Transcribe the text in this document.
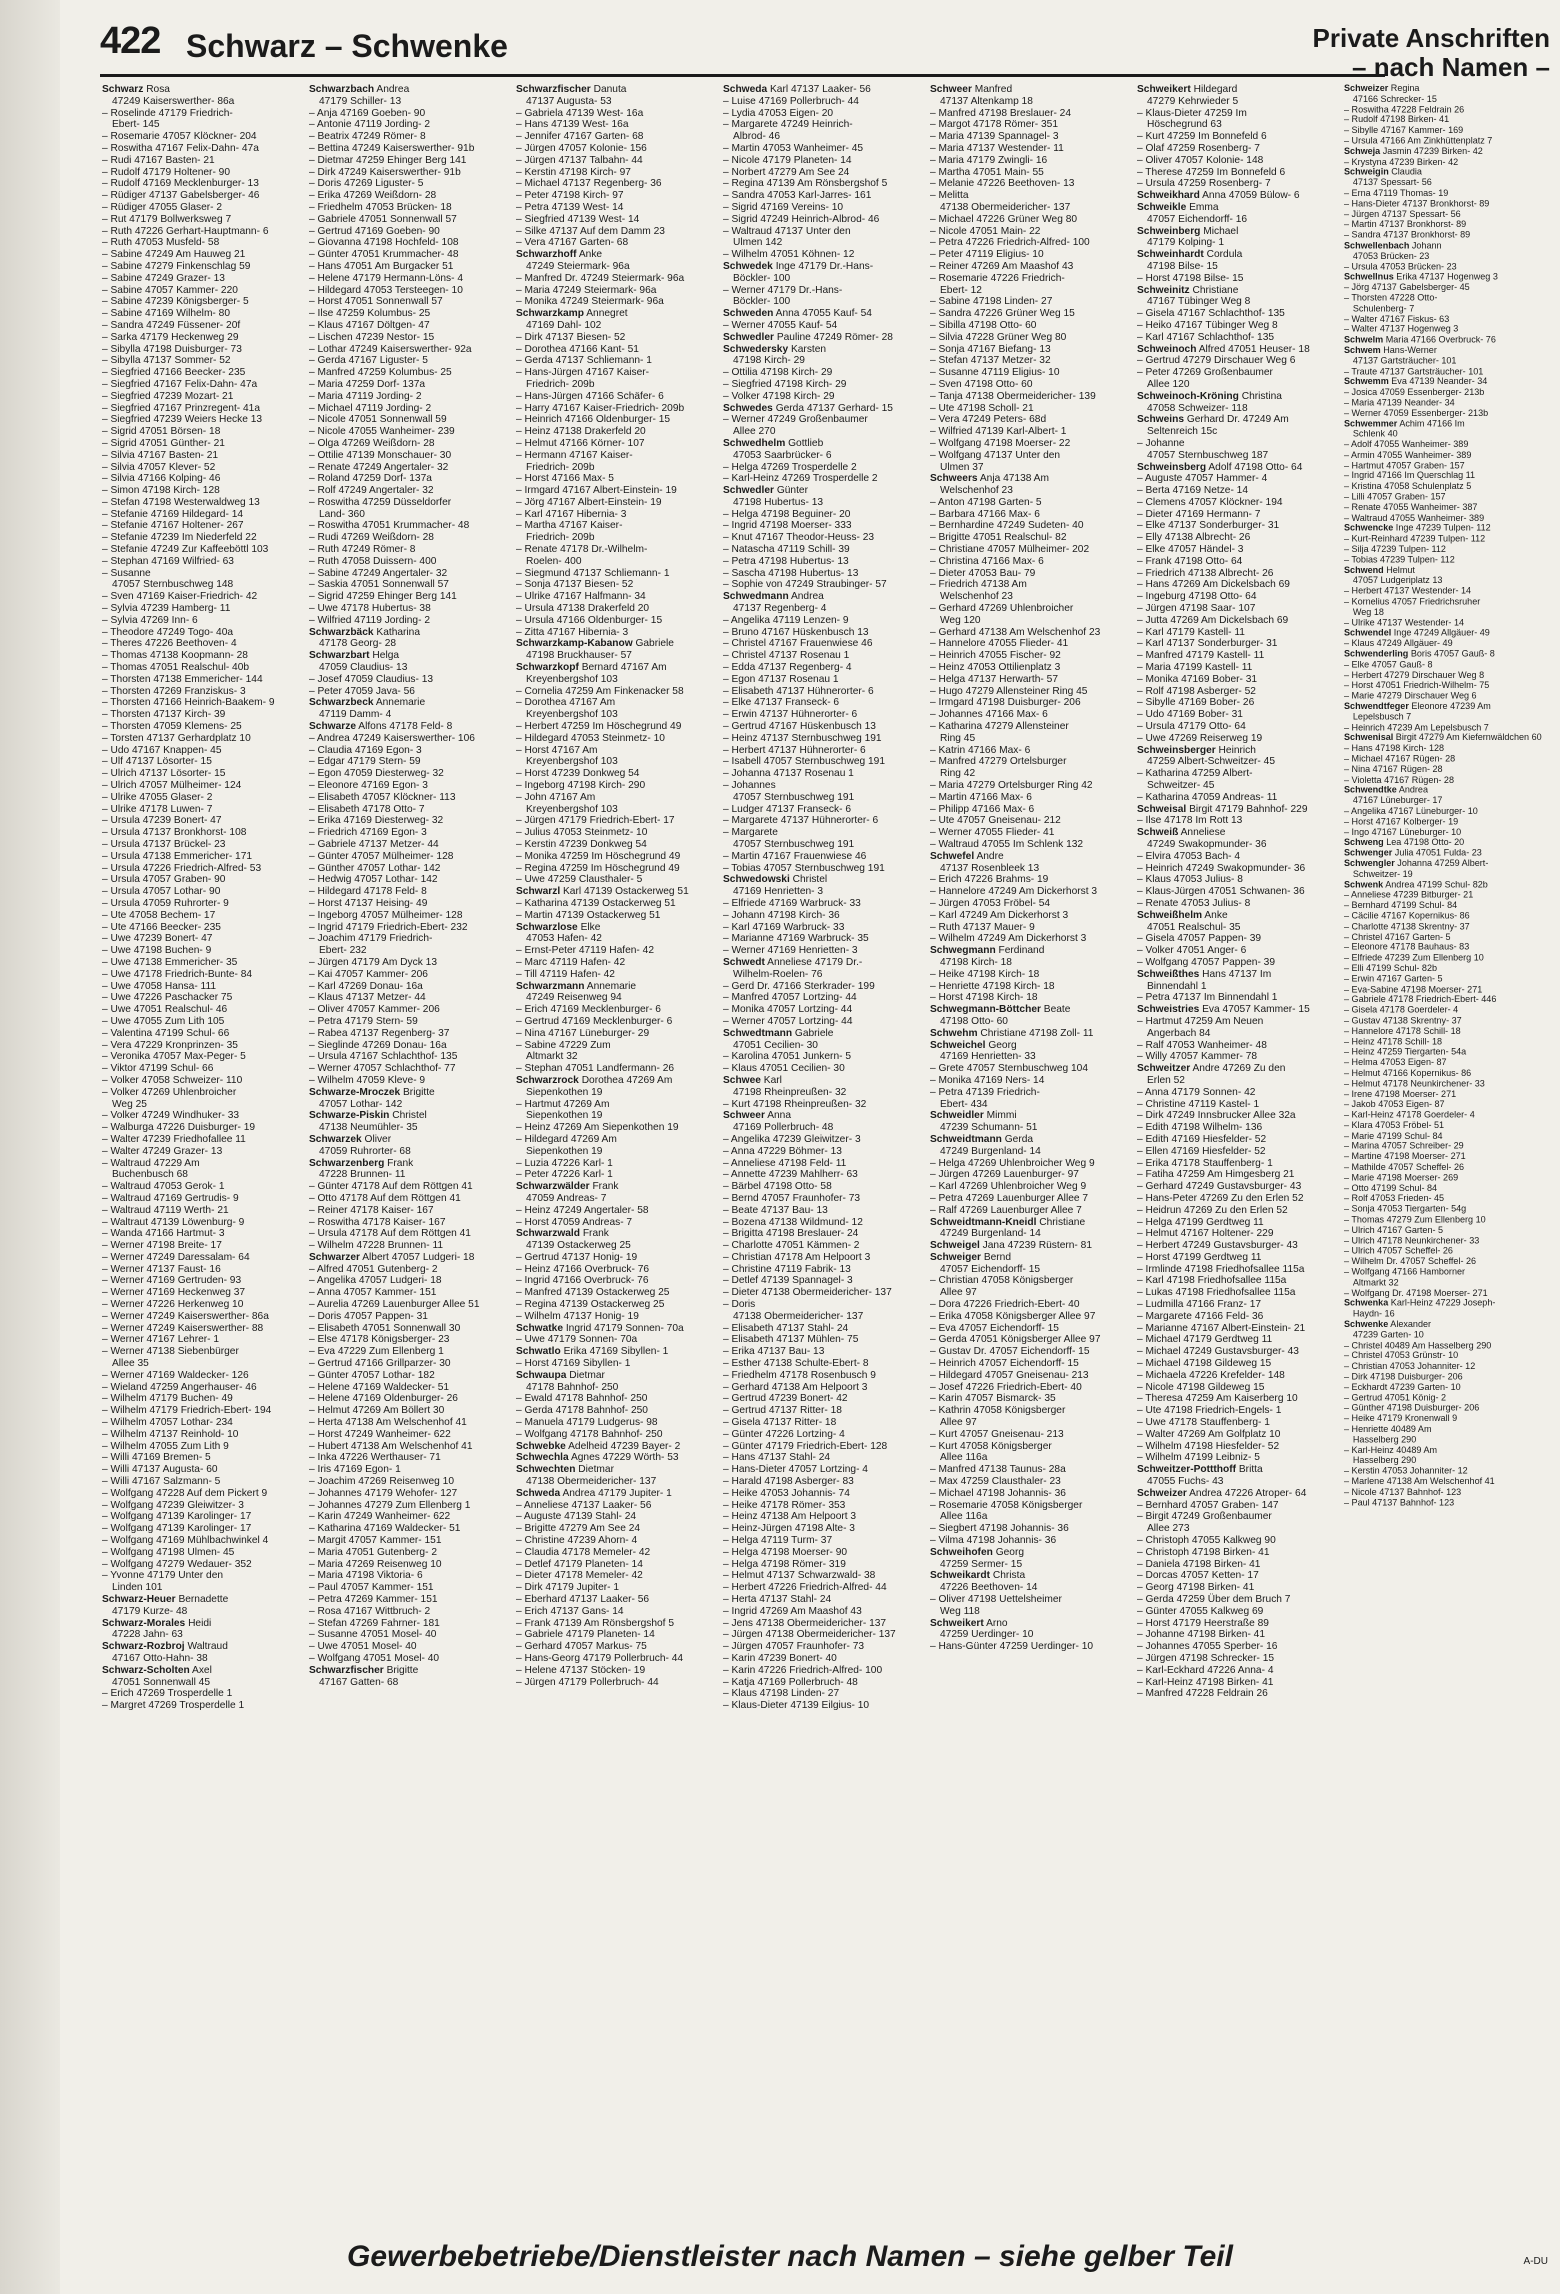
422 Schwarz – Schwenke	Private Anschriften
– nach Namen –
Schwarz Rosa
47249 Kaiserswerther- 86a
– Roselinde 47179 Friedrich-
Ebert- 145
– Rosemarie 47057 Klöckner- 204
– Roswitha 47167 Felix-Dahn- 47a
– Rudi 47167 Basten- 21
– Rudolf 47179 Holtener- 90
– Rudolf 47169 Mecklenburger- 13
– Rüdiger 47137 Gabelsberger- 46
– Rüdiger 47055 Glaser- 2
– Rut 47179 Bollwerksweg 7
– Ruth 47226 Gerhart-Hauptmann- 6
– Ruth 47053 Musfeld- 58
– Sabine 47249 Am Hauweg 21
– Sabine 47279 Finkenschlag 59
– Sabine 47249 Grazer- 13
– Sabine 47057 Kammer- 220
– Sabine 47239 Königsberger- 5
– Sabine 47169 Wilhelm- 80
– Sandra 47249 Füssener- 20f
– Sarka 47179 Heckenweg 29
– Sibylla 47198 Duisburger- 73
– Sibylla 47137 Sommer- 52
– Siegfried 47166 Beecker- 235
– Siegfried 47167 Felix-Dahn- 47a
– Siegfried 47239 Mozart- 21
– Siegfried 47167 Prinzregent- 41a
– Siegfried 47239 Weiers Hecke 13
– Sigrid 47051 Börsen- 18
– Sigrid 47051 Günther- 21
– Silvia 47167 Basten- 21
– Silvia 47057 Klever- 52
– Silvia 47166 Kolping- 46
– Simon 47198 Kirch- 128
– Stefan 47198 Westerwaldweg 13
– Stefanie 47169 Hildegard- 14
– Stefanie 47167 Holtener- 267
– Stefanie 47239 Im Niederfeld 22
– Stefanie 47249 Zur Kaffeeböttl 103
– Stephan 47169 Wilfried- 63
– Susanne
47057 Sternbuschweg 148
– Sven 47169 Kaiser-Friedrich- 42
– Sylvia 47239 Hamberg- 11
– Sylvia 47269 Inn- 6
– Theodore 47249 Togo- 40a
– Theres 47226 Beethoven- 4
– Thomas 47138 Koopmann- 28
– Thomas 47051 Realschul- 40b
– Thorsten 47138 Emmericher- 144
– Thorsten 47269 Franziskus- 3
– Thorsten 47166 Heinrich-Baakem- 9
– Thorsten 47137 Kirch- 39
– Thorsten 47059 Klemens- 25
– Torsten 47137 Gerhardplatz 10
– Udo 47167 Knappen- 45
– Ulf 47137 Lösorter- 15
– Ulrich 47137 Lösorter- 15
– Ulrich 47057 Mülheimer- 124
– Ulrike 47055 Glaser- 2
– Ulrike 47178 Luwen- 7
– Ursula 47239 Bonert- 47
– Ursula 47137 Bronkhorst- 108
– Ursula 47137 Brückel- 23
– Ursula 47138 Emmericher- 171
– Ursula 47226 Friedrich-Alfred- 53
– Ursula 47057 Graben- 90
– Ursula 47057 Lothar- 90
– Ursula 47059 Ruhrorter- 9
– Ute 47058 Bechem- 17
– Ute 47166 Beecker- 235
– Uwe 47239 Bonert- 47
– Uwe 47198 Buchen- 9
– Uwe 47138 Emmericher- 35
– Uwe 47178 Friedrich-Bunte- 84
– Uwe 47058 Hansa- 111
– Uwe 47226 Paschacker 75
– Uwe 47051 Realschul- 46
– Uwe 47055 Zum Lith 105
– Valentina 47199 Schul- 66
– Vera 47229 Kronprinzen- 35
– Veronika 47057 Max-Peger- 5
– Viktor 47199 Schul- 66
– Volker 47058 Schweizer- 110
– Volker 47269 Uhlenbroicher
Weg 25
– Volker 47249 Windhuker- 33
– Walburga 47226 Duisburger- 19
– Walter 47239 Friedhofallee 11
– Walter 47249 Grazer- 13
– Waltraud 47229 Am
Buchenbusch 68
– Waltraud 47053 Gerok- 1
– Waltraud 47169 Gertrudis- 9
– Waltraud 47119 Werth- 21
– Waltraut 47139 Löwenburg- 9
– Wanda 47166 Hartmut- 3
– Werner 47198 Breite- 17
– Werner 47249 Daressalam- 64
– Werner 47137 Faust- 16
– Werner 47169 Gertruden- 93
– Werner 47169 Heckenweg 37
– Werner 47226 Herkenweg 10
– Werner 47249 Kaiserswerther- 86a
– Werner 47249 Kaiserswerther- 88
– Werner 47167 Lehrer- 1
– Werner 47138 Siebenbürger
Allee 35
– Werner 47169 Waldecker- 126
– Wieland 47259 Angerhauser- 46
– Wilhelm 47179 Buchen- 49
– Wilhelm 47179 Friedrich-Ebert- 194
– Wilhelm 47057 Lothar- 234
– Wilhelm 47137 Reinhold- 10
– Wilhelm 47055 Zum Lith 9
– Willi 47169 Bremen- 5
– Willi 47137 Augusta- 60
– Willi 47167 Salzmann- 5
– Wolfgang 47228 Auf dem Pickert 9
– Wolfgang 47239 Gleiwitzer- 3
– Wolfgang 47139 Karolinger- 17
– Wolfgang 47139 Karolinger- 17
– Wolfgang 47169 Mühlbachwinkel 4
– Wolfgang 47198 Ulmen- 45
– Wolfgang 47279 Wedauer- 352
– Yvonne 47179 Unter den
Linden 101
Schwarz-Heuer Bernadette
47179 Kurze- 48
Schwarz-Morales Heidi
47228 Jahn- 63
Schwarz-Rozbroj Waltraud
47167 Otto-Hahn- 38
Schwarz-Scholten Axel
47051 Sonnenwall 45
– Erich 47269 Trosperdelle 1
– Margret 47269 Trosperdelle 1
Schwarzbach Andrea
47179 Schiller- 13
– Anja 47169 Goeben- 90
– Antonie 47119 Jording- 2
– Beatrix 47249 Römer- 8
– Bettina 47249 Kaiserswerther- 91b
– Dietmar 47259 Ehinger Berg 141
– Dirk 47249 Kaiserswerther- 91b
– Doris 47269 Liguster- 5
– Erika 47269 Weißdorn- 28
– Friedhelm 47053 Brücken- 18
– Gabriele 47051 Sonnenwall 57
– Gertrud 47169 Goeben- 90
– Giovanna 47198 Hochfeld- 108
– Günter 47051 Krummacher- 48
– Hans 47051 Am Burgacker 51
– Helene 47179 Hermann-Löns- 4
– Hildegard 47053 Tersteegen- 10
– Horst 47051 Sonnenwall 57
– Ilse 47259 Kolumbus- 25
– Klaus 47167 Döltgen- 47
– Lischen 47239 Nestor- 15
– Lothar 47249 Kaiserswerther- 92a
– Gerda 47167 Liguster- 5
– Manfred 47259 Kolumbus- 25
– Maria 47259 Dorf- 137a
– Maria 47119 Jording- 2
– Michael 47119 Jording- 2
– Nicole 47051 Sonnenwall 59
– Nicole 47055 Wanheimer- 239
– Olga 47269 Weißdorn- 28
– Ottilie 47139 Monschauer- 30
– Renate 47249 Angertaler- 32
– Roland 47259 Dorf- 137a
– Rolf 47249 Angertaler- 32
– Roswitha 47259 Düsseldorfer
Land- 360
– Roswitha 47051 Krummacher- 48
– Rudi 47269 Weißdorn- 28
– Ruth 47249 Römer- 8
– Ruth 47058 Duissern- 400
– Sabine 47249 Angertaler- 32
– Saskia 47051 Sonnenwall 57
– Sigrid 47259 Ehinger Berg 141
– Uwe 47178 Hubertus- 38
– Wilfried 47119 Jording- 2
Schwarzbäck Katharina
47178 Georg- 28
Schwarzbart Helga
47059 Claudius- 13
– Josef 47059 Claudius- 13
– Peter 47059 Java- 56
Schwarzbeck Annemarie
47119 Damm- 4
Schwarze Alfons 47178 Feld- 8
– Andrea 47249 Kaiserswerther- 106
– Claudia 47169 Egon- 3
– Edgar 47179 Stern- 59
– Egon 47059 Diesterweg- 32
– Eleonore 47169 Egon- 3
– Elisabeth 47057 Klöckner- 113
– Elisabeth 47178 Otto- 7
– Erika 47169 Diesterweg- 32
– Friedrich 47169 Egon- 3
– Gabriele 47137 Metzer- 44
– Günter 47057 Mülheimer- 128
– Günther 47057 Lothar- 142
– Hedwig 47057 Lothar- 142
– Hildegard 47178 Feld- 8
– Horst 47137 Heising- 49
– Ingeborg 47057 Mülheimer- 128
– Ingrid 47179 Friedrich-Ebert- 232
– Joachim 47179 Friedrich-
Ebert- 232
– Jürgen 47179 Am Dyck 13
– Kai 47057 Kammer- 206
– Karl 47269 Donau- 16a
– Klaus 47137 Metzer- 44
– Oliver 47057 Kammer- 206
– Petra 47179 Stern- 59
– Rabea 47137 Regenberg- 37
– Sieglinde 47269 Donau- 16a
– Ursula 47167 Schlachthof- 135
– Werner 47057 Schlachthof- 77
– Wilhelm 47059 Kleve- 9
Schwarze-Mroczek Brigitte
47057 Lothar- 142
Schwarze-Piskin Christel
47138 Neumühler- 35
Schwarzek Oliver
47059 Ruhrorter- 68
Schwarzenberg Frank
47228 Brunnen- 11
– Günter 47178 Auf dem Röttgen 41
– Otto 47178 Auf dem Röttgen 41
– Reiner 47178 Kaiser- 167
– Roswitha 47178 Kaiser- 167
– Ursula 47178 Auf dem Röttgen 41
– Wilhelm 47228 Brunnen- 11
Schwarzer Albert 47057 Ludgeri- 18
– Alfred 47051 Gutenberg- 2
– Angelika 47057 Ludgeri- 18
– Anna 47057 Kammer- 151
– Aurelia 47269 Lauenburger Allee 51
– Doris 47057 Pappen- 31
– Elisabeth 47051 Sonnenwall 30
– Else 47178 Königsberger- 23
– Eva 47229 Zum Ellenberg 1
– Gertrud 47166 Grillparzer- 30
– Günter 47057 Lothar- 182
– Helene 47169 Waldecker- 51
– Helene 47169 Oldenburger- 26
– Helmut 47269 Am Böllert 30
– Herta 47138 Am Welschenhof 41
– Horst 47249 Wanheimer- 622
– Hubert 47138 Am Welschenhof 41
– Inka 47226 Werthauser- 71
– Iris 47169 Egon- 1
– Joachim 47269 Reisenweg 10
– Johannes 47179 Wehofer- 127
– Johannes 47279 Zum Ellenberg 1
– Karin 47249 Wanheimer- 622
– Katharina 47169 Waldecker- 51
– Margit 47057 Kammer- 151
– Maria 47051 Gutenberg- 2
– Maria 47269 Reisenweg 10
– Maria 47198 Viktoria- 6
– Paul 47057 Kammer- 151
– Petra 47269 Kammer- 151
– Rosa 47167 Wittbruch- 2
– Stefan 47269 Fahrner- 181
– Susanne 47051 Mosel- 40
– Uwe 47051 Mosel- 40
– Wolfgang 47051 Mosel- 40
Schwarzfischer Brigitte
47167 Gatten- 68
Schwarzfischer Danuta
47137 Augusta- 53
– Gabriela 47139 West- 16a
– Hans 47139 West- 16a
– Jennifer 47167 Garten- 68
– Jürgen 47057 Kolonie- 156
– Jürgen 47137 Talbahn- 44
– Kerstin 47198 Kirch- 97
– Michael 47137 Regenberg- 36
– Peter 47198 Kirch- 97
– Petra 47139 West- 14
– Siegfried 47139 West- 14
– Silke 47137 Auf dem Damm 23
– Vera 47167 Garten- 68
Schwarzhoff Anke
47249 Steiermark- 96a
– Manfred Dr. 47249 Steiermark- 96a
– Maria 47249 Steiermark- 96a
– Monika 47249 Steiermark- 96a
Schwarzkamp Annegret
47169 Dahl- 102
– Dirk 47137 Biesen- 52
– Dorothea 47166 Kant- 51
– Gerda 47137 Schliemann- 1
– Hans-Jürgen 47167 Kaiser-
Friedrich- 209b
– Hans-Jürgen 47166 Schäfer- 6
– Harry 47167 Kaiser-Friedrich- 209b
– Heinrich 47166 Oldenburger- 15
– Heinz 47138 Drakerfeld 20
– Helmut 47166 Körner- 107
– Hermann 47167 Kaiser-
Friedrich- 209b
– Horst 47166 Max- 5
– Irmgard 47167 Albert-Einstein- 19
– Jörg 47167 Albert-Einstein- 19
– Karl 47167 Hibernia- 3
– Martha 47167 Kaiser-
Friedrich- 209b
– Renate 47178 Dr.-Wilhelm-
Roelen- 400
– Siegmund 47137 Schliemann- 1
– Sonja 47137 Biesen- 52
– Ulrike 47167 Halfmann- 34
– Ursula 47138 Drakerfeld 20
– Ursula 47166 Oldenburger- 15
– Zitta 47167 Hibernia- 3
Schwarzkamp-Kabanow Gabriele
47198 Bruckhauser- 57
Schwarzkopf Bernard 47167 Am
Kreyenbergshof 103
– Cornelia 47259 Am Finkenacker 58
– Dorothea 47167 Am
Kreyenbergshof 103
– Herbert 47259 Im Höschegrund 49
– Hildegard 47053 Steinmetz- 10
– Horst 47167 Am
Kreyenbergshof 103
– Horst 47239 Donkweg 54
– Ingeborg 47198 Kirch- 290
– John 47167 Am
Kreyenbergshof 103
– Jürgen 47179 Friedrich-Ebert- 17
– Julius 47053 Steinmetz- 10
– Kerstin 47239 Donkweg 54
– Monika 47259 Im Höschegrund 49
– Regina 47259 Im Höschegrund 49
– Uwe 47259 Clausthaler- 5
Schwarzl Karl 47139 Ostackerweg 51
– Katharina 47139 Ostackerweg 51
– Martin 47139 Ostackerweg 51
Schwarzlose Elke
47053 Hafen- 42
– Ernst-Peter 47119 Hafen- 42
– Marc 47119 Hafen- 42
– Till 47119 Hafen- 42
Schwarzmann Annemarie
47249 Reisenweg 94
– Erich 47169 Mecklenburger- 6
– Gertrud 47169 Mecklenburger- 6
– Nina 47167 Lüneburger- 29
– Sabine 47229 Zum
Altmarkt 32
– Stephan 47051 Landfermann- 26
Schwarzrock Dorothea 47269 Am
Siepenkothen 19
– Hartmut 47269 Am
Siepenkothen 19
– Heinz 47269 Am Siepenkothen 19
– Hildegard 47269 Am
Siepenkothen 19
– Luzia 47226 Karl- 1
– Peter 47226 Karl- 1
Schwarzwälder Frank
47059 Andreas- 7
– Heinz 47249 Angertaler- 58
– Horst 47059 Andreas- 7
Schwarzwald Frank
47139 Ostackerweg 25
– Gertrud 47137 Honig- 19
– Heinz 47166 Overbruck- 76
– Ingrid 47166 Overbruck- 76
– Manfred 47139 Ostackerweg 25
– Regina 47139 Ostackerweg 25
– Wilhelm 47137 Honig- 19
Schwatke Ingrid 47179 Sonnen- 70a
– Uwe 47179 Sonnen- 70a
Schwatlo Erika 47169 Sibyllen- 1
– Horst 47169 Sibyllen- 1
Schwaupa Dietmar
47178 Bahnhof- 250
– Ewald 47178 Bahnhof- 250
– Gerda 47178 Bahnhof- 250
– Manuela 47179 Ludgerus- 98
– Wolfgang 47178 Bahnhof- 250
Schwebke Adelheid 47239 Bayer- 2
Schwechla Agnes 47229 Wörth- 53
Schwechten Dietmar
47138 Obermeidericher- 137
Schweda Andrea 47179 Jupiter- 1
– Anneliese 47137 Laaker- 56
– Auguste 47139 Stahl- 24
– Brigitte 47279 Am See 24
– Christine 47239 Ahorn- 4
– Claudia 47178 Memeler- 42
– Detlef 47179 Planeten- 14
– Dieter 47178 Memeler- 42
– Dirk 47179 Jupiter- 1
– Eberhard 47137 Laaker- 56
– Erich 47137 Gans- 14
– Frank 47139 Am Rönsbergshof 5
– Gabriele 47179 Planeten- 14
– Gerhard 47057 Markus- 75
– Hans-Georg 47179 Pollerbruch- 44
– Helene 47137 Stöcken- 19
– Jürgen 47179 Pollerbruch- 44
Schweda Karl 47137 Laaker- 56
– Luise 47169 Pollerbruch- 44
– Lydia 47053 Eigen- 20
– Margarete 47249 Heinrich-
Albrod- 46
– Martin 47053 Wanheimer- 45
– Nicole 47179 Planeten- 14
– Norbert 47279 Am See 24
– Regina 47139 Am Rönsbergshof 5
– Sandra 47053 Karl-Jarres- 161
– Sigrid 47169 Vereins- 10
– Sigrid 47249 Heinrich-Albrod- 46
– Waltraud 47137 Unter den
Ulmen 142
– Wilhelm 47051 Köhnen- 12
Schwedek Inge 47179 Dr.-Hans-
Böckler- 100
– Werner 47179 Dr.-Hans-
Böckler- 100
Schweden Anna 47055 Kauf- 54
– Werner 47055 Kauf- 54
Schwedler Pauline 47249 Römer- 28
Schwedersky Karsten
47198 Kirch- 29
– Ottilia 47198 Kirch- 29
– Siegfried 47198 Kirch- 29
– Volker 47198 Kirch- 29
Schwedes Gerda 47137 Gerhard- 15
– Werner 47249 Großenbaumer
Allee 270
Schwedhelm Gottlieb
47053 Saarbrücker- 6
– Helga 47269 Trosperdelle 2
– Karl-Heinz 47269 Trosperdelle 2
Schwedler Günter
47198 Hubertus- 13
– Helga 47198 Beguiner- 20
– Ingrid 47198 Moerser- 333
– Knut 47167 Theodor-Heuss- 23
– Natascha 47119 Schill- 39
– Petra 47198 Hubertus- 13
– Sascha 47198 Hubertus- 13
– Sophie von 47249 Straubinger- 57
Schwedmann Andrea
47137 Regenberg- 4
– Angelika 47119 Lenzen- 9
– Bruno 47167 Hüskenbusch 13
– Christel 47167 Frauenwiese 46
– Christel 47137 Rosenau 1
– Edda 47137 Regenberg- 4
– Egon 47137 Rosenau 1
– Elisabeth 47137 Hühnerorter- 6
– Elke 47137 Franseck- 6
– Erwin 47137 Hühnerorter- 6
– Gertrud 47167 Hüskenbusch 13
– Heinz 47137 Sternbuschweg 191
– Herbert 47137 Hühnerorter- 6
– Isabell 47057 Sternbuschweg 191
– Johanna 47137 Rosenau 1
– Johannes
47057 Sternbuschweg 191
– Ludger 47137 Franseck- 6
– Margarete 47137 Hühnerorter- 6
– Margarete
47057 Sternbuschweg 191
– Martin 47167 Frauenwiese 46
– Tobias 47057 Sternbuschweg 191
Schwedowski Christel
47169 Henrietten- 3
– Elfriede 47169 Warbruck- 33
– Johann 47198 Kirch- 36
– Karl 47169 Warbruck- 33
– Marianne 47169 Warbruck- 35
– Werner 47169 Henrietten- 3
Schwedt Anneliese 47179 Dr.-
Wilhelm-Roelen- 76
– Gerd Dr. 47166 Sterkrader- 199
– Manfred 47057 Lortzing- 44
– Monika 47057 Lortzing- 44
– Werner 47057 Lortzing- 44
Schwedtmann Gabriele
47051 Cecilien- 30
– Karolina 47051 Junkern- 5
– Klaus 47051 Cecilien- 30
Schwee Karl
47198 Rheinpreußen- 32
– Kurt 47198 Rheinpreußen- 32
Schweer Anna
47169 Pollerbruch- 48
– Angelika 47239 Gleiwitzer- 3
– Anna 47229 Böhmer- 13
– Anneliese 47198 Feld- 11
– Annette 47239 Mahlherr- 63
– Bärbel 47198 Otto- 58
– Bernd 47057 Fraunhofer- 73
– Beate 47137 Bau- 13
– Bozena 47138 Wildmund- 12
– Brigitta 47198 Breslauer- 24
– Charlotte 47051 Kämmen- 2
– Christian 47178 Am Helpoort 3
– Christine 47119 Fabrik- 13
– Detlef 47139 Spannagel- 3
– Dieter 47138 Obermeidericher- 137
– Doris
47138 Obermeidericher- 137
– Elisabeth 47137 Stahl- 24
– Elisabeth 47137 Mühlen- 75
– Erika 47137 Bau- 13
– Esther 47138 Schulte-Ebert- 8
– Friedhelm 47178 Rosenbusch 9
– Gerhard 47138 Am Helpoort 3
– Gertrud 47239 Bonert- 42
– Gertrud 47137 Ritter- 18
– Gisela 47137 Ritter- 18
– Günter 47226 Lortzing- 4
– Günter 47179 Friedrich-Ebert- 128
– Hans 47137 Stahl- 24
– Hans-Dieter 47057 Lortzing- 4
– Harald 47198 Asberger- 83
– Heike 47053 Johannis- 74
– Heike 47178 Römer- 353
– Heinz 47138 Am Helpoort 3
– Heinz-Jürgen 47198 Alte- 3
– Helga 47119 Turm- 37
– Helga 47198 Moerser- 90
– Helga 47198 Römer- 319
– Helmut 47137 Schwarzwald- 38
– Herbert 47226 Friedrich-Alfred- 44
– Herta 47137 Stahl- 24
– Ingrid 47269 Am Maashof 43
– Jens 47138 Obermeidericher- 137
– Jürgen 47138 Obermeidericher- 137
– Jürgen 47057 Fraunhofer- 73
– Karin 47239 Bonert- 40
– Karin 47226 Friedrich-Alfred- 100
– Katja 47169 Pollerbruch- 48
– Klaus 47198 Linden- 27
– Klaus-Dieter 47139 Eilgius- 10
Schweer Manfred
47137 Altenkamp 18
– Manfred 47198 Breslauer- 24
– Margot 47178 Römer- 351
– Maria 47139 Spannagel- 3
– Maria 47137 Westender- 11
– Maria 47179 Zwingli- 16
– Martha 47051 Main- 55
– Melanie 47226 Beethoven- 13
– Melitta
47138 Obermeidericher- 137
– Michael 47226 Grüner Weg 80
– Nicole 47051 Main- 22
– Petra 47226 Friedrich-Alfred- 100
– Peter 47119 Eligius- 10
– Reiner 47269 Am Maashof 43
– Rosemarie 47226 Friedrich-
Ebert- 12
– Sabine 47198 Linden- 27
– Sandra 47226 Grüner Weg 15
– Sibilla 47198 Otto- 60
– Silvia 47228 Grüner Weg 80
– Sonja 47167 Biefang- 13
– Stefan 47137 Metzer- 32
– Susanne 47119 Eligius- 10
– Sven 47198 Otto- 60
– Tanja 47138 Obermeidericher- 139
– Ute 47198 Scholl- 21
– Vera 47249 Peters- 68d
– Wilfried 47139 Karl-Albert- 1
– Wolfgang 47198 Moerser- 22
– Wolfgang 47137 Unter den
Ulmen 37
Schweers Anja 47138 Am
Welschenhof 23
– Anton 47198 Garten- 5
– Barbara 47166 Max- 6
– Bernhardine 47249 Sudeten- 40
– Brigitte 47051 Realschul- 82
– Christiane 47057 Mülheimer- 202
– Christina 47166 Max- 6
– Dieter 47053 Bau- 79
– Friedrich 47138 Am
Welschenhof 23
– Gerhard 47269 Uhlenbroicher
Weg 120
– Gerhard 47138 Am Welschenhof 23
– Hannelore 47055 Flieder- 41
– Heinrich 47055 Fischer- 92
– Heinz 47053 Ottilienplatz 3
– Helga 47137 Herwarth- 57
– Hugo 47279 Allensteiner Ring 45
– Irmgard 47198 Duisburger- 206
– Johannes 47166 Max- 6
– Katharina 47279 Allensteiner
Ring 45
– Katrin 47166 Max- 6
– Manfred 47279 Ortelsburger
Ring 42
– Maria 47279 Ortelsburger Ring 42
– Martin 47166 Max- 6
– Philipp 47166 Max- 6
– Ute 47057 Gneisenau- 212
– Werner 47055 Flieder- 41
– Waltraud 47055 Im Schlenk 132
Schwefel Andre
47137 Rosenbleek 13
– Erich 47226 Brahms- 19
– Hannelore 47249 Am Dickerhorst 3
– Jürgen 47053 Fröbel- 54
– Karl 47249 Am Dickerhorst 3
– Ruth 47137 Mauer- 9
– Wilhelm 47249 Am Dickerhorst 3
Schwegmann Ferdinand
47198 Kirch- 18
– Heike 47198 Kirch- 18
– Henriette 47198 Kirch- 18
– Horst 47198 Kirch- 18
Schwegmann-Böttcher Beate
47198 Otto- 60
Schwehm Christiane 47198 Zoll- 11
Schweichel Georg
47169 Henrietten- 33
– Grete 47057 Sternbuschweg 104
– Monika 47169 Ners- 14
– Petra 47139 Friedrich-
Ebert- 434
Schweidler Mimmi
47239 Schumann- 51
Schweidtmann Gerda
47249 Burgenland- 14
– Helga 47269 Uhlenbroicher Weg 9
– Jürgen 47269 Lauenburger- 97
– Karl 47269 Uhlenbroicher Weg 9
– Petra 47269 Lauenburger Allee 7
– Ralf 47269 Lauenburger Allee 7
Schweidtmann-Kneidl Christiane
47249 Burgenland- 14
Schweigel Jana 47239 Rüstern- 81
Schweiger Bernd
47057 Eichendorff- 15
– Christian 47058 Königsberger
Allee 97
– Dora 47226 Friedrich-Ebert- 40
– Erika 47058 Königsberger Allee 97
– Eva 47057 Eichendorff- 15
– Gerda 47051 Königsberger Allee 97
– Gustav Dr. 47057 Eichendorff- 15
– Heinrich 47057 Eichendorff- 15
– Hildegard 47057 Gneisenau- 213
– Josef 47226 Friedrich-Ebert- 40
– Karin 47057 Bismarck- 35
– Kathrin 47058 Königsberger
Allee 97
– Kurt 47057 Gneisenau- 213
– Kurt 47058 Königsberger
Allee 116a
– Manfred 47138 Taunus- 28a
– Max 47259 Clausthaler- 23
– Michael 47198 Johannis- 36
– Rosemarie 47058 Königsberger
Allee 116a
– Siegbert 47198 Johannis- 36
– Vilma 47198 Johannis- 36
Schweihofen Georg
47259 Sermer- 15
Schweikardt Christa
47226 Beethoven- 14
– Oliver 47198 Uettelsheimer
Weg 118
Schweikert Arno
47259 Uerdinger- 10
– Hans-Günter 47259 Uerdinger- 10
Schweikert Hildegard
47279 Kehrwieder 5
– Klaus-Dieter 47259 Im
Höschegrund 63
– Kurt 47259 Im Bonnefeld 6
– Olaf 47259 Rosenberg- 7
– Oliver 47057 Kolonie- 148
– Therese 47259 Im Bonnefeld 6
– Ursula 47259 Rosenberg- 7
Schweikhard Anna 47059 Bülow- 6
Schweikle Emma
47057 Eichendorff- 16
Schweinberg Michael
47179 Kolping- 1
Schweinhardt Cordula
47198 Bilse- 15
– Horst 47198 Bilse- 15
Schweinitz Christiane
47167 Tübinger Weg 8
– Gisela 47167 Schlachthof- 135
– Heiko 47167 Tübinger Weg 8
– Karl 47167 Schlachthof- 135
Schweinoch Alfred 47051 Heuser- 18
– Gertrud 47279 Dirschauer Weg 6
– Peter 47269 Großenbaumer
Allee 120
Schweinoch-Kröning Christina
47058 Schweizer- 118
Schweins Gerhard Dr. 47249 Am
Seltenreich 15c
– Johanne
47057 Sternbuschweg 187
Schweinsberg Adolf 47198 Otto- 64
– Auguste 47057 Hammer- 4
– Berta 47169 Netze- 14
– Clemens 47057 Klöckner- 194
– Dieter 47169 Hermann- 7
– Elke 47137 Sonderburger- 31
– Elly 47138 Albrecht- 26
– Elke 47057 Händel- 3
– Frank 47198 Otto- 64
– Friedrich 47138 Albrecht- 26
– Hans 47269 Am Dickelsbach 69
– Ingeburg 47198 Otto- 64
– Jürgen 47198 Saar- 107
– Jutta 47269 Am Dickelsbach 69
– Karl 47179 Kastell- 11
– Karl 47137 Sonderburger- 31
– Manfred 47179 Kastell- 11
– Maria 47199 Kastell- 11
– Monika 47169 Bober- 31
– Rolf 47198 Asberger- 52
– Sibylle 47169 Bober- 26
– Udo 47169 Bober- 31
– Ursula 47179 Otto- 64
– Uwe 47269 Reiserweg 19
Schweinsberger Heinrich
47259 Albert-Schweitzer- 45
– Katharina 47259 Albert-
Schweitzer- 45
– Katharina 47059 Andreas- 11
Schweisal Birgit 47179 Bahnhof- 229
– Ilse 47178 Im Rott 13
Schweiß Anneliese
47249 Swakopmunder- 36
– Elvira 47053 Bach- 4
– Heinrich 47249 Swakopmunder- 36
– Klaus 47053 Julius- 8
– Klaus-Jürgen 47051 Schwanen- 36
– Renate 47053 Julius- 8
Schweißhelm Anke
47051 Realschul- 35
– Gisela 47057 Pappen- 39
– Volker 47051 Anger- 6
– Wolfgang 47057 Pappen- 39
Schweißthes Hans 47137 Im
Binnendahl 1
– Petra 47137 Im Binnendahl 1
Schweistries Eva 47057 Kammer- 15
– Hartmut 47259 Am Neuen
Angerbach 84
– Ralf 47053 Wanheimer- 48
– Willy 47057 Kammer- 78
Schweitzer Andre 47269 Zu den
Erlen 52
– Anna 47179 Sonnen- 42
– Christine 47119 Kastel- 1
– Dirk 47249 Innsbrucker Allee 32a
– Edith 47198 Wilhelm- 136
– Edith 47169 Hiesfelder- 52
– Ellen 47169 Hiesfelder- 52
– Erika 47178 Stauffenberg- 1
– Fatiha 47259 Am Himgesberg 21
– Gerhard 47249 Gustavsburger- 43
– Hans-Peter 47269 Zu den Erlen 52
– Heidrun 47269 Zu den Erlen 52
– Helga 47199 Gerdtweg 11
– Helmut 47167 Holtener- 229
– Herbert 47249 Gustavsburger- 43
– Horst 47199 Gerdtweg 11
– Irmlinde 47198 Friedhofsallee 115a
– Karl 47198 Friedhofsallee 115a
– Lukas 47198 Friedhofsallee 115a
– Ludmilla 47166 Franz- 17
– Margarete 47166 Feld- 36
– Marianne 47167 Albert-Einstein- 21
– Michael 47179 Gerdtweg 11
– Michael 47249 Gustavsburger- 43
– Michael 47198 Gildeweg 15
– Michaela 47226 Krefelder- 148
– Nicole 47198 Gildeweg 15
– Theresa 47259 Am Kaiserberg 10
– Ute 47198 Friedrich-Engels- 1
– Uwe 47178 Stauffenberg- 1
– Walter 47269 Am Golfplatz 10
– Wilhelm 47198 Hiesfelder- 52
– Wilhelm 47199 Leibniz- 5
Schweitzer-Pottthoff Britta
47055 Fuchs- 43
Schweizer Andrea 47226 Atroper- 64
– Bernhard 47057 Graben- 147
– Birgit 47249 Großenbaumer
Allee 273
– Christoph 47055 Kalkweg 90
– Christoph 47198 Birken- 41
– Daniela 47198 Birken- 41
– Dorcas 47057 Ketten- 17
– Georg 47198 Birken- 41
– Gerda 47259 Über dem Bruch 7
– Günter 47055 Kalkweg 69
– Horst 47179 Heerstraße 89
– Johanne 47198 Birken- 41
– Johannes 47055 Sperber- 16
– Jürgen 47198 Schrecker- 15
– Karl-Eckhard 47226 Anna- 4
– Karl-Heinz 47198 Birken- 41
– Manfred 47228 Feldrain 26
Schweizer Regina
47166 Schrecker- 15
– Roswitha 47228 Feldrain 26
– Rudolf 47198 Birken- 41
– Sibylle 47167 Kammer- 169
– Ursula 47166 Am Zinkhüttenplatz 7
Schweja Jasmin 47239 Birken- 42
– Krystyna 47239 Birken- 42
Schweigin Claudia
47137 Spessart- 56
– Erna 47119 Thomas- 19
– Hans-Dieter 47137 Bronkhorst- 89
– Jürgen 47137 Spessart- 56
– Martin 47137 Bronkhorst- 89
– Sandra 47137 Bronkhorst- 89
Schwellenbach Johann
47053 Brücken- 23
– Ursula 47053 Brücken- 23
Schwellnus Erika 47137 Hogenweg 3
– Jörg 47137 Gabelsberger- 45
– Thorsten 47228 Otto-
Schulenberg- 7
– Walter 47167 Fiskus- 63
– Walter 47137 Hogenweg 3
Schwelm Maria 47166 Overbruck- 76
Schwem Hans-Werner
47137 Gartsträucher- 101
– Traute 47137 Gartsträucher- 101
Schwemm Eva 47139 Neander- 34
– Josica 47059 Essenberger- 213b
– Maria 47139 Neander- 34
– Werner 47059 Essenberger- 213b
Schwemmer Achim 47166 Im
Schlenk 40
– Adolf 47055 Wanheimer- 389
– Armin 47055 Wanheimer- 389
– Hartmut 47057 Graben- 157
– Ingrid 47166 Im Querschlag 11
– Kristina 47058 Schulenplatz 5
– Lilli 47057 Graben- 157
– Renate 47055 Wanheimer- 387
– Waltraud 47055 Wanheimer- 389
Schwencke Inge 47239 Tulpen- 112
– Kurt-Reinhard 47239 Tulpen- 112
– Silja 47239 Tulpen- 112
– Tobias 47239 Tulpen- 112
Schwend Helmut
47057 Ludgeriplatz 13
– Herbert 47137 Westender- 14
– Kornelius 47057 Friedrichsruher
Weg 18
– Ulrike 47137 Westender- 14
Schwendel Inge 47249 Allgäuer- 49
– Klaus 47249 Allgäuer- 49
Schwenderling Boris 47057 Gauß- 8
– Elke 47057 Gauß- 8
– Herbert 47279 Dirschauer Weg 8
– Horst 47051 Friedrich-Wilhelm- 75
– Marie 47279 Dirschauer Weg 6
Schwendtfeger Eleonore 47239 Am
Lepelsbusch 7
– Heinrich 47239 Am Lepelsbusch 7
Schwenisal Birgit 47279 Am Kiefernwäldchen 60
– Hans 47198 Kirch- 128
– Michael 47167 Rügen- 28
– Nina 47167 Rügen- 28
– Violetta 47167 Rügen- 28
Schwendtke Andrea
47167 Lüneburger- 17
– Angelika 47167 Lüneburger- 10
– Horst 47167 Kolberger- 19
– Ingo 47167 Lüneburger- 10
Schweng Lea 47198 Otto- 20
Schwenger Julia 47051 Fulda- 23
Schwengler Johanna 47259 Albert-
Schweitzer- 19
Schwenk Andrea 47199 Schul- 82b
– Anneliese 47239 Bitburger- 21
– Bernhard 47199 Schul- 84
– Cäcilie 47167 Kopernikus- 86
– Charlotte 47138 Skrentny- 37
– Christel 47167 Garten- 5
– Eleonore 47178 Bauhaus- 83
– Elfriede 47239 Zum Ellenberg 10
– Elli 47199 Schul- 82b
– Erwin 47167 Garten- 5
– Eva-Sabine 47198 Moerser- 271
– Gabriele 47178 Friedrich-Ebert- 446
– Gisela 47178 Goerdeler- 4
– Gustav 47138 Skrentny- 37
– Hannelore 47178 Schill- 18
– Heinz 47178 Schill- 18
– Heinz 47259 Tiergarten- 54a
– Helma 47053 Eigen- 87
– Helmut 47166 Kopernikus- 86
– Helmut 47178 Neunkirchener- 33
– Irene 47198 Moerser- 271
– Jakob 47053 Eigen- 87
– Karl-Heinz 47178 Goerdeler- 4
– Klara 47053 Fröbel- 51
– Marie 47199 Schul- 84
– Marina 47057 Schreiber- 29
– Martine 47198 Moerser- 271
– Mathilde 47057 Scheffel- 26
– Marie 47198 Moerser- 269
– Otto 47199 Schul- 84
– Rolf 47053 Frieden- 45
– Sonja 47053 Tiergarten- 54g
– Thomas 47279 Zum Ellenberg 10
– Ulrich 47167 Garten- 5
– Ulrich 47178 Neunkirchener- 33
– Ulrich 47057 Scheffel- 26
– Wilhelm Dr. 47057 Scheffel- 26
– Wolfgang 47166 Hamborner
Altmarkt 32
– Wolfgang Dr. 47198 Moerser- 271
Schwenka Karl-Heinz 47229 Joseph-
Haydn- 16
Schwenke Alexander
47239 Garten- 10
– Christel 40489 Am Hasselberg 290
– Christel 47053 Grünstr- 10
– Christian 47053 Johanniter- 12
– Dirk 47198 Duisburger- 206
– Eckhardt 47239 Garten- 10
– Gertrud 47051 König- 2
– Günther 47198 Duisburger- 206
– Heike 47179 Kronenwall 9
– Henriette 40489 Am
Hasselberg 290
– Karl-Heinz 40489 Am
Hasselberg 290
– Kerstin 47053 Johanniter- 12
– Marlene 47138 Am Welschenhof 41
– Nicole 47137 Bahnhof- 123
– Paul 47137 Bahnhof- 123
Gewerbebetriebe/Dienstleister nach Namen – siehe gelber Teil	A-DU
